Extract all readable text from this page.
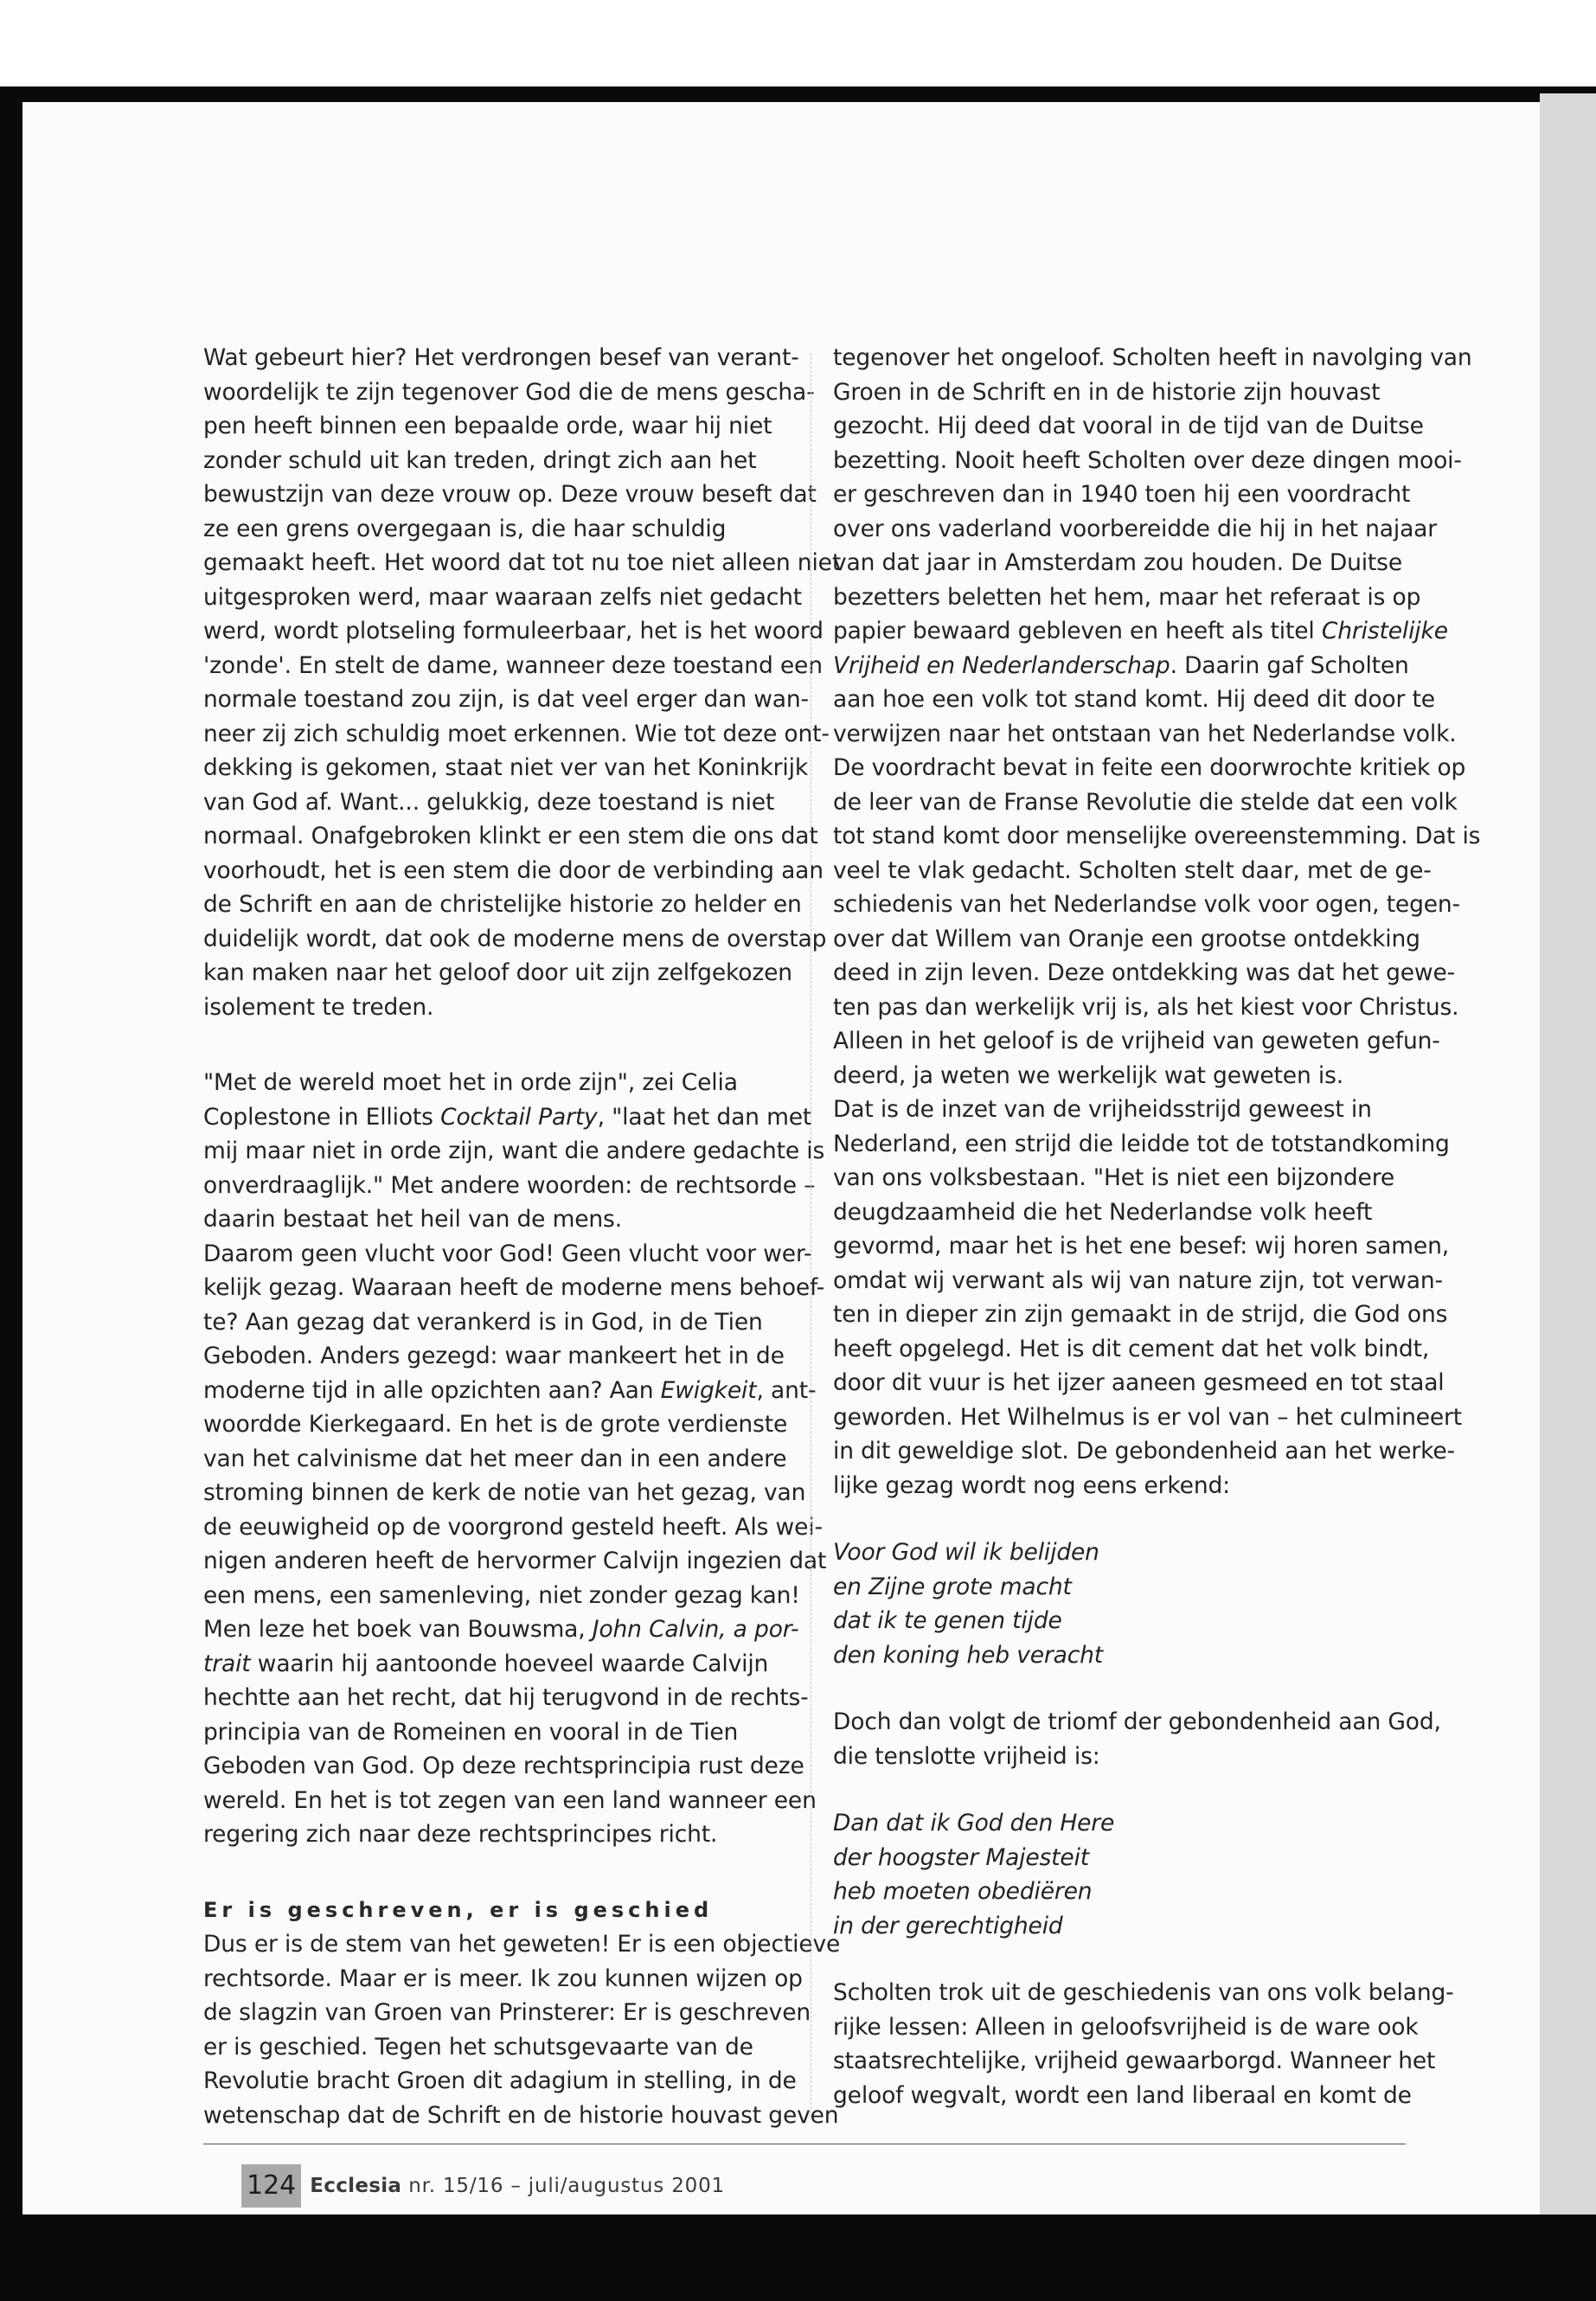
Wat gebeurt hier? Het verdrongen besef van verant-
woordelijk te zijn tegenover God die de mens gescha-
pen heeft binnen een bepaalde orde, waar hij niet
zonder schuld uit kan treden, dringt zich aan het
bewustzijn van deze vrouw op. Deze vrouw beseft dat
ze een grens overgegaan is, die haar schuldig
gemaakt heeft. Het woord dat tot nu toe niet alleen niet
uitgesproken werd, maar waaraan zelfs niet gedacht
werd, wordt plotseling formuleerbaar, het is het woord
'zonde'. En stelt de dame, wanneer deze toestand een
normale toestand zou zijn, is dat veel erger dan wan-
neer zij zich schuldig moet erkennen. Wie tot deze ont-
dekking is gekomen, staat niet ver van het Koninkrijk
van God af. Want... gelukkig, deze toestand is niet
normaal. Onafgebroken klinkt er een stem die ons dat
voorhoudt, het is een stem die door de verbinding aan
de Schrift en aan de christelijke historie zo helder en
duidelijk wordt, dat ook de moderne mens de overstap
kan maken naar het geloof door uit zijn zelfgekozen
isolement te treden.
"Met de wereld moet het in orde zijn", zei Celia
Coplestone in Elliots Cocktail Party, "laat het dan met
mij maar niet in orde zijn, want die andere gedachte is
onverdraaglijk." Met andere woorden: de rechtsorde –
daarin bestaat het heil van de mens.
Daarom geen vlucht voor God! Geen vlucht voor wer-
kelijk gezag. Waaraan heeft de moderne mens behoef-
te? Aan gezag dat verankerd is in God, in de Tien
Geboden. Anders gezegd: waar mankeert het in de
moderne tijd in alle opzichten aan? Aan Ewigkeit, ant-
woordde Kierkegaard. En het is de grote verdienste
van het calvinisme dat het meer dan in een andere
stroming binnen de kerk de notie van het gezag, van
de eeuwigheid op de voorgrond gesteld heeft. Als wei-
nigen anderen heeft de hervormer Calvijn ingezien dat
een mens, een samenleving, niet zonder gezag kan!
Men leze het boek van Bouwsma, John Calvin, a por-
trait waarin hij aantoonde hoeveel waarde Calvijn
hechtte aan het recht, dat hij terugvond in de rechts-
principia van de Romeinen en vooral in de Tien
Geboden van God. Op deze rechtsprincipia rust deze
wereld. En het is tot zegen van een land wanneer een
regering zich naar deze rechtsprincipes richt.
Er is geschreven, er is geschied
Dus er is de stem van het geweten! Er is een objectieve
rechtsorde. Maar er is meer. Ik zou kunnen wijzen op
de slagzin van Groen van Prinsterer: Er is geschreven
er is geschied. Tegen het schutsgevaarte van de
Revolutie bracht Groen dit adagium in stelling, in de
wetenschap dat de Schrift en de historie houvast geven
tegenover het ongeloof. Scholten heeft in navolging van
Groen in de Schrift en in de historie zijn houvast
gezocht. Hij deed dat vooral in de tijd van de Duitse
bezetting. Nooit heeft Scholten over deze dingen mooi-
er geschreven dan in 1940 toen hij een voordracht
over ons vaderland voorbereidde die hij in het najaar
van dat jaar in Amsterdam zou houden. De Duitse
bezetters beletten het hem, maar het referaat is op
papier bewaard gebleven en heeft als titel Christelijke
Vrijheid en Nederlanderschap. Daarin gaf Scholten
aan hoe een volk tot stand komt. Hij deed dit door te
verwijzen naar het ontstaan van het Nederlandse volk.
De voordracht bevat in feite een doorwrochte kritiek op
de leer van de Franse Revolutie die stelde dat een volk
tot stand komt door menselijke overeenstemming. Dat is
veel te vlak gedacht. Scholten stelt daar, met de ge-
schiedenis van het Nederlandse volk voor ogen, tegen-
over dat Willem van Oranje een grootse ontdekking
deed in zijn leven. Deze ontdekking was dat het gewe-
ten pas dan werkelijk vrij is, als het kiest voor Christus.
Alleen in het geloof is de vrijheid van geweten gefun-
deerd, ja weten we werkelijk wat geweten is.
Dat is de inzet van de vrijheidsstrijd geweest in
Nederland, een strijd die leidde tot de totstandkoming
van ons volksbestaan. "Het is niet een bijzondere
deugdzaamheid die het Nederlandse volk heeft
gevormd, maar het is het ene besef: wij horen samen,
omdat wij verwant als wij van nature zijn, tot verwan-
ten in dieper zin zijn gemaakt in de strijd, die God ons
heeft opgelegd. Het is dit cement dat het volk bindt,
door dit vuur is het ijzer aaneen gesmeed en tot staal
geworden. Het Wilhelmus is er vol van – het culmineert
in dit geweldige slot. De gebondenheid aan het werke-
lijke gezag wordt nog eens erkend:
Voor God wil ik belijden
en Zijne grote macht
dat ik te genen tijde
den koning heb veracht
Doch dan volgt de triomf der gebondenheid aan God,
die tenslotte vrijheid is:
Dan dat ik God den Here
der hoogster Majesteit
heb moeten obediëren
in der gerechtigheid
Scholten trok uit de geschiedenis van ons volk belang-
rijke lessen: Alleen in geloofsvrijheid is de ware ook
staatsrechtelijke, vrijheid gewaarborgd. Wanneer het
geloof wegvalt, wordt een land liberaal en komt de
124 Ecclesia nr. 15/16 – juli/augustus 2001
